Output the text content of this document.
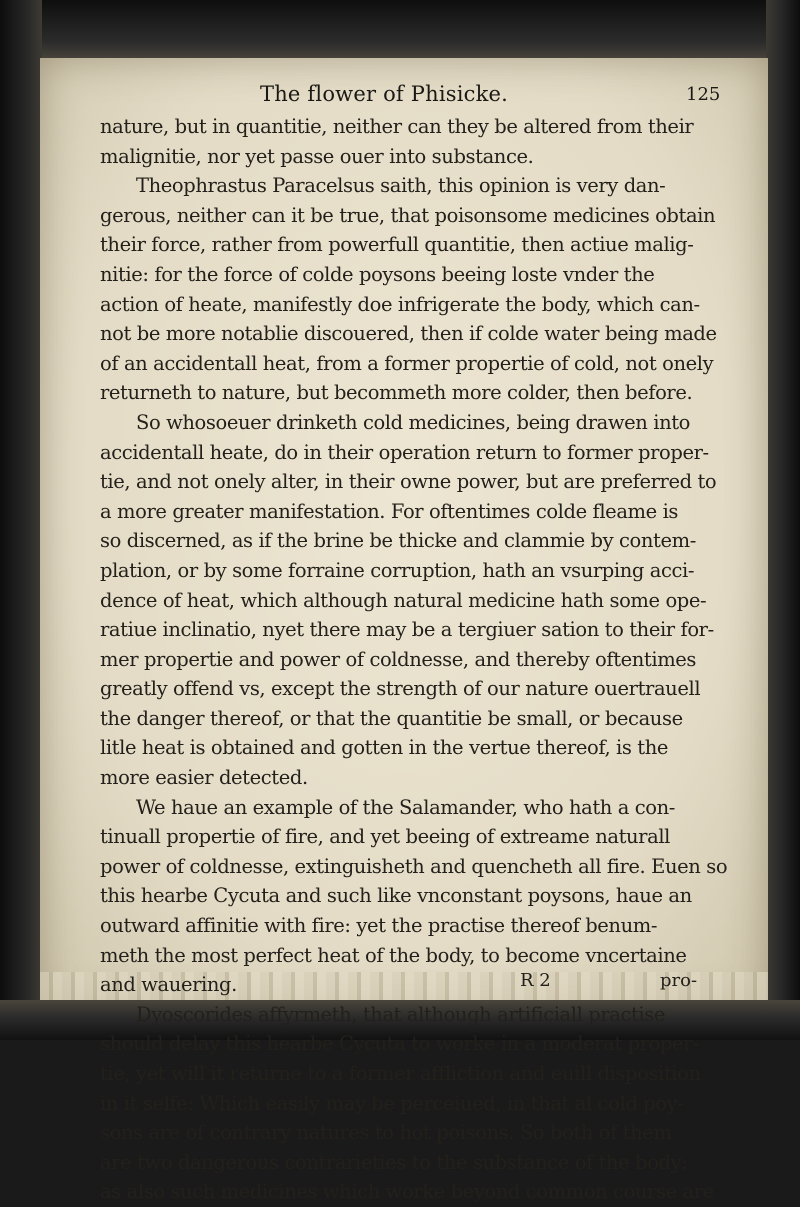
The flower of Phisicke.	125
nature, but in quantitie, neither can they be altered from their
malignitie, nor yet passe ouer into substance.
Theophrastus Paracelsus saith, this opinion is very dan-
gerous, neither can it be true, that poisonsome medicines obtain
their force, rather from powerfull quantitie, then actiue malig-
nitie: for the force of colde poysons beeing loste vnder the
action of heate, manifestly doe infrigerate the body, which can-
not be more notablie discouered, then if colde water being made
of an accidentall heat, from a former propertie of cold, not onely
returneth to nature, but becommeth more colder, then before.
So whosoeuer drinketh cold medicines, being drawen into
accidentall heate, do in their operation return to former proper-
tie, and not onely alter, in their owne power, but are preferred to
a more greater manifestation. For oftentimes colde fleame is
so discerned, as if the brine be thicke and clammie by contem-
plation, or by some forraine corruption, hath an vsurping acci-
dence of heat, which although natural medicine hath some ope-
ratiue inclinatio, nyet there may be a tergiuer sation to their for-
mer propertie and power of coldnesse, and thereby oftentimes
greatly offend vs, except the strength of our nature ouertrauell
the danger thereof, or that the quantitie be small, or because
litle heat is obtained and gotten in the vertue thereof, is the
more easier detected.
We haue an example of the Salamander, who hath a con-
tinuall propertie of fire, and yet beeing of extreame naturall
power of coldnesse, extinguisheth and quencheth all fire. Euen so
this hearbe Cycuta and such like vnconstant poysons, haue an
outward affinitie with fire: yet the practise thereof benum-
meth the most perfect heat of the body, to become vncertaine
and wauering.
Dyoscorides affyrmeth, that although artificiall practise
should delay this hearbe Cycuta to worke in a moderat proper-
tie, yet will it returne to a former affliction and euill disposition
in it selfe: Which easily may be perceiued, in that al cold poy-
sons are of contrary natures to hot poisons. So both of them
are two dangerous contrarieties to the substance of the body:
as also such medicines which worke beyond common course are
R 2	pro-
